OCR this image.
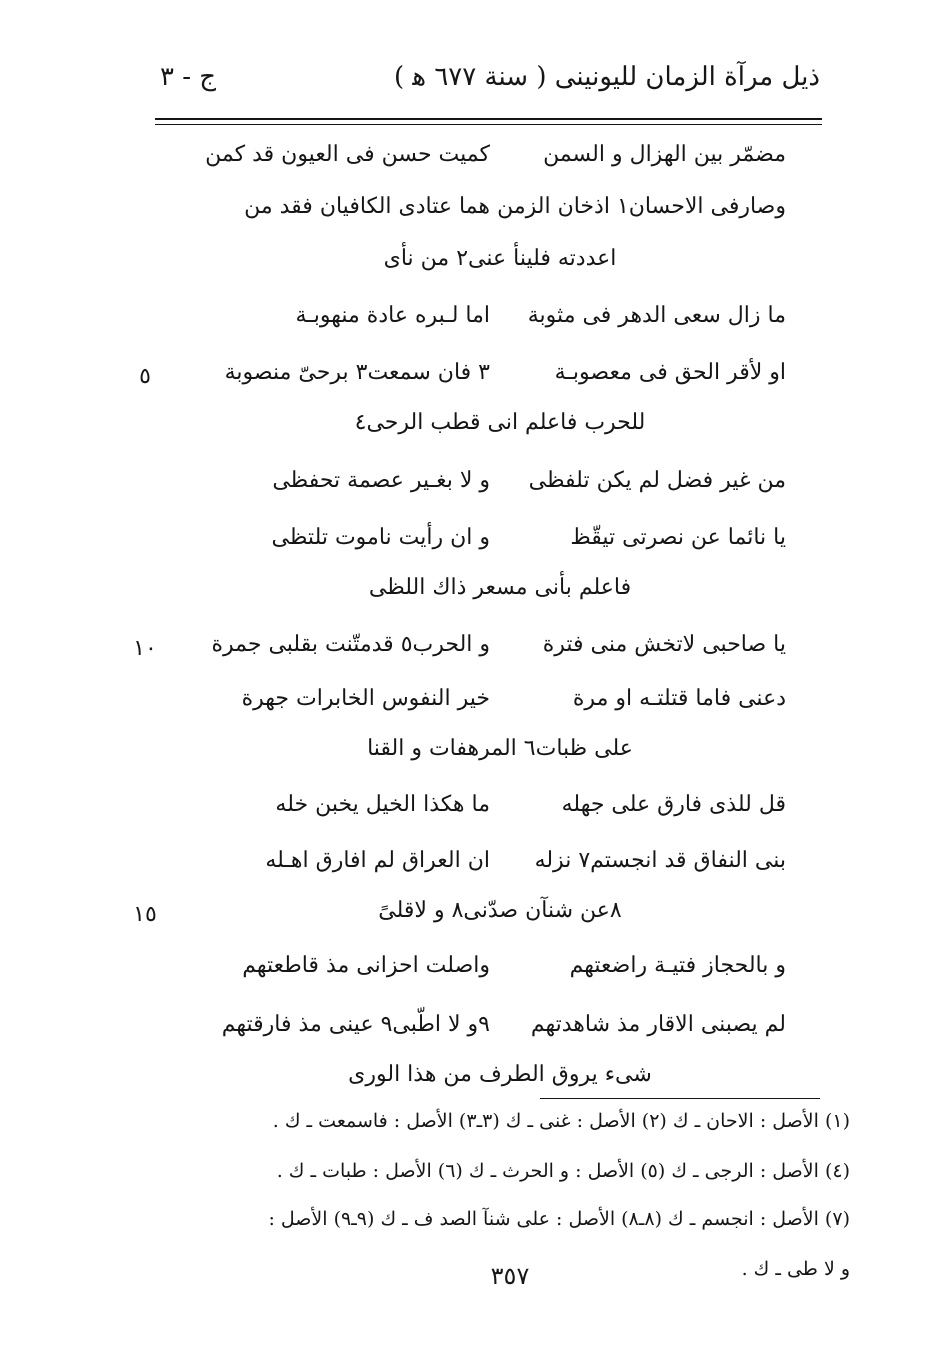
ذيل مرآة الزمان لليونينى ( سنة ٦٧٧ ﻫ )
ج - ٣
مضمّر بين الهزال و السمن
كميت حسن فى العيون قد كمن
وصارفى الاحسان١ اذخان الزمن
هما عتادى الكافيان فقد من
اعددته فلينأ عنى٢ من نأى
ما زال سعى الدهر فى مثوبة
اما لـبره عادة منهوبـة
او لأقر الحق فى معصوبـة
٣ فان سمعت٣ برحىّ منصوبة
للحرب فاعلم انى قطب الرحى٤
من غير فضل لم يكن تلفظى
و لا بغـير عصمة تحفظى
يا نائما عن نصرتى تيقّظ
و ان رأيت ناموت تلتظى
فاعلم بأنى مسعر ذاك اللظى
يا صاحبى لاتخش منى فترة
و الحرب٥ قدمتّنت بقلبى جمرة
دعنى فاما قتلتـه او مرة
خير النفوس الخابرات جهرة
على ظبات٦ المرهفات و القنا
قل للذى فارق على جهله
ما هكذا الخيل يخبن خله
بنى النفاق قد انجستم٧ نزله
ان العراق لم افارق اهـله
٨عن شنآن صدّنى٨ و لاقلىً
و بالحجاز فتيـة راضعتهم
واصلت احزانى مذ قاطعتهم
لم يصبنى الاقار مذ شاهدتهم
٩و لا اطّبى٩ عينى مذ فارقتهم
شىء يروق الطرف من هذا الورى
٥
١٠
١٥
(١) الأصل : الاحان ـ ك (٢) الأصل : غنى ـ ك (٣ـ٣) الأصل : فاسمعت ـ ك .
(٤) الأصل : الرجى ـ ك (٥) الأصل : و الحرث ـ ك (٦) الأصل : طبات ـ ك .
(٧) الأصل : انجسم ـ ك (٨ـ٨) الأصل : على شنآ الصد ف ـ ك (٩ـ٩) الأصل :
و لا طى ـ ك .
٣٥٧
